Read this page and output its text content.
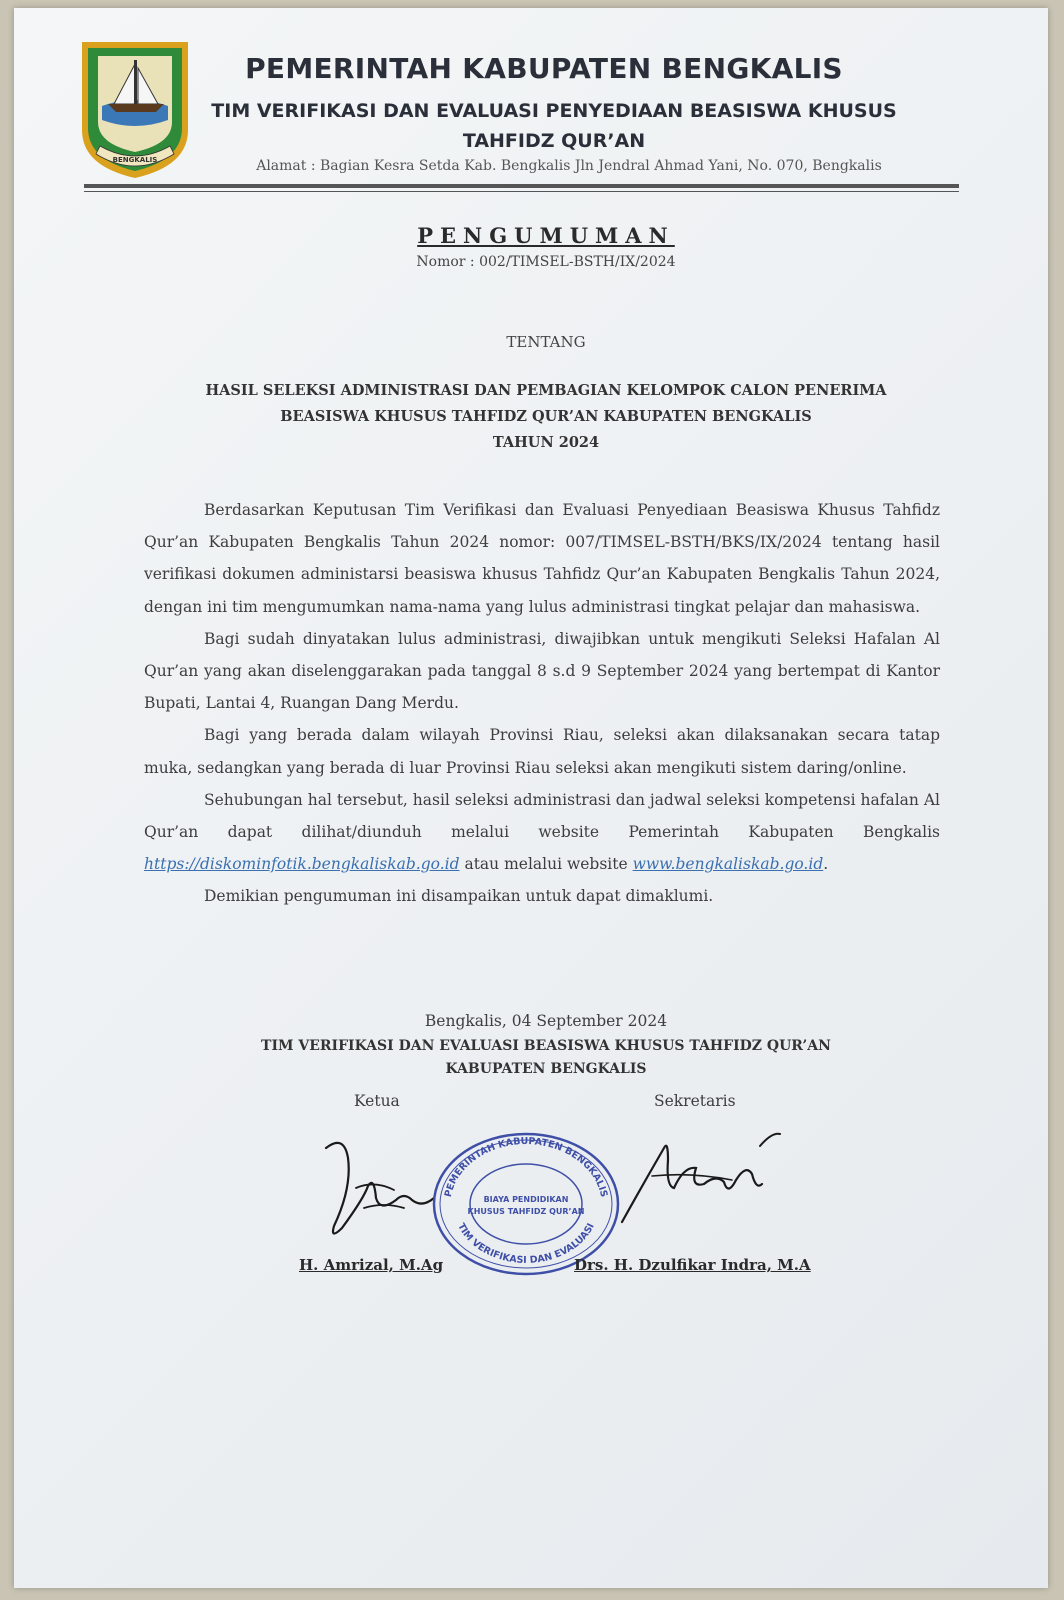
BENGKALIS
PEMERINTAH KABUPATEN BENGKALIS
TIM VERIFIKASI DAN EVALUASI PENYEDIAAN BEASISWA KHUSUS
TAHFIDZ QUR’AN
Alamat : Bagian Kesra Setda Kab. Bengkalis Jln Jendral Ahmad Yani, No. 070, Bengkalis
PENGUMUMAN
Nomor : 002/TIMSEL-BSTH/IX/2024
TENTANG
HASIL SELEKSI ADMINISTRASI DAN PEMBAGIAN KELOMPOK CALON PENERIMA
BEASISWA KHUSUS TAHFIDZ QUR’AN KABUPATEN BENGKALIS
TAHUN 2024

Berdasarkan Keputusan Tim Verifikasi dan Evaluasi Penyediaan Beasiswa Khusus Tahfidz Qur’an Kabupaten Bengkalis Tahun 2024 nomor: 007/TIMSEL-BSTH/BKS/IX/2024 tentang hasil verifikasi dokumen administarsi beasiswa khusus Tahfidz Qur’an Kabupaten Bengkalis Tahun 2024, dengan ini tim mengumumkan nama-nama yang lulus administrasi tingkat pelajar dan mahasiswa.

Bagi sudah dinyatakan lulus administrasi, diwajibkan untuk mengikuti Seleksi Hafalan Al Qur’an yang akan diselenggarakan pada tanggal 8 s.d 9 September 2024 yang bertempat di Kantor Bupati, Lantai 4, Ruangan Dang Merdu.

Bagi yang berada dalam wilayah Provinsi Riau, seleksi akan dilaksanakan secara tatap muka, sedangkan yang berada di luar Provinsi Riau seleksi akan mengikuti sistem daring/online.

Sehubungan hal tersebut, hasil seleksi administrasi dan jadwal seleksi kompetensi hafalan Al Qur’an dapat dilihat/diunduh melalui website Pemerintah Kabupaten Bengkalis https://diskominfotik.bengkaliskab.go.id atau melalui website www.bengkaliskab.go.id.

Demikian pengumuman ini disampaikan untuk dapat dimaklumi.

Bengkalis, 04 September 2024
TIM VERIFIKASI DAN EVALUASI BEASISWA KHUSUS TAHFIDZ QUR’AN
KABUPATEN BENGKALIS
Ketua	Sekretaris
PEMERINTAH KABUPATEN BENGKALIS
TIM VERIFIKASI DAN EVALUASI
BIAYA PENDIDIKAN
KHUSUS TAHFIDZ QUR’AN
H. Amrizal, M.Ag	Drs. H. Dzulfikar Indra, M.A
